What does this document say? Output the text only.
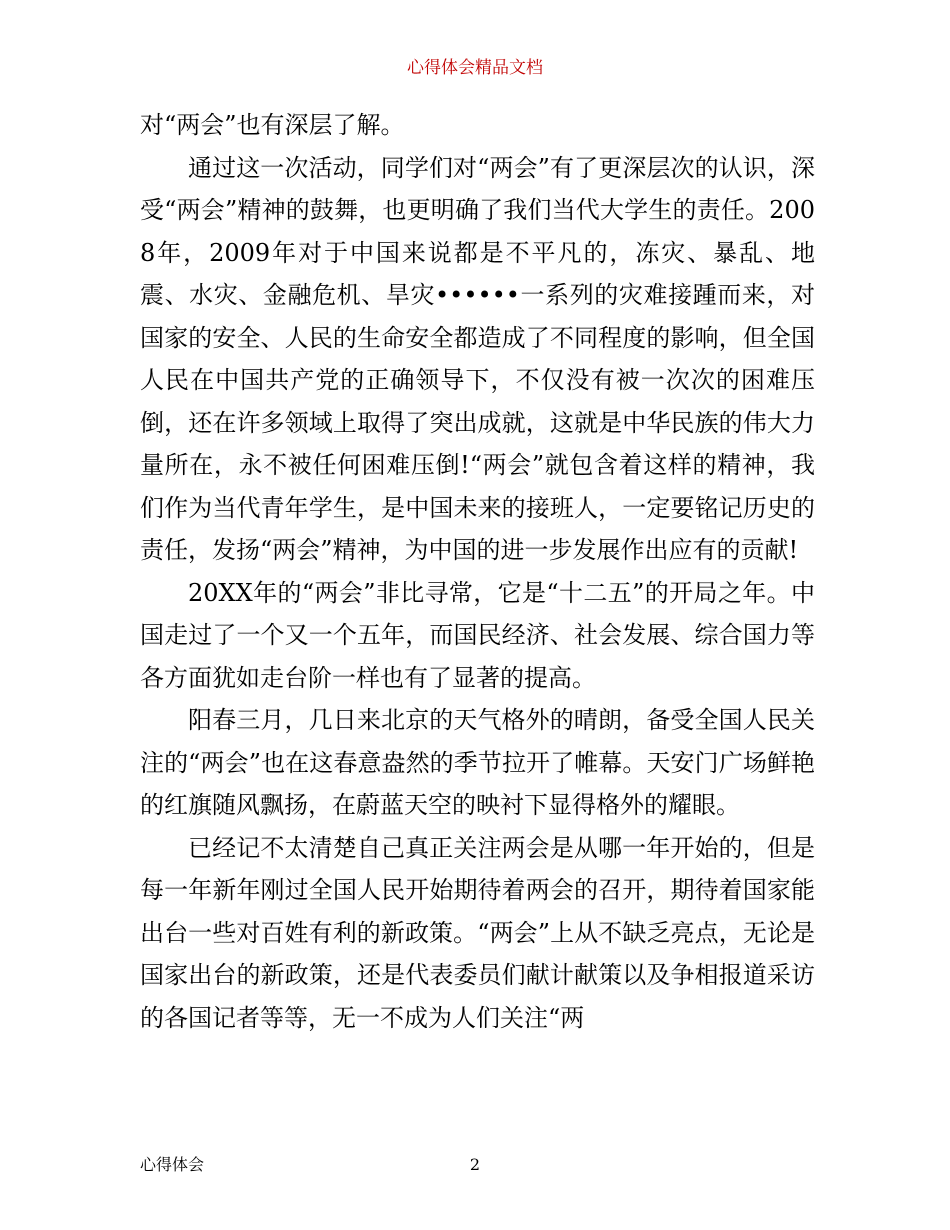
心得体会精品文档

对“两会”也有深层了解。

通过这一次活动，同学们对“两会”有了更深层次的认识，深受“两会”精神的鼓舞，也更明确了我们当代大学生的责任。2008年，2009年对于中国来说都是不平凡的，冻灾、暴乱、地震、水灾、金融危机、旱灾••••••一系列的灾难接踵而来，对国家的安全、人民的生命安全都造成了不同程度的影响，但全国人民在中国共产党的正确领导下，不仅没有被一次次的困难压倒，还在许多领域上取得了突出成就，这就是中华民族的伟大力量所在，永不被任何困难压倒!“两会”就包含着这样的精神，我们作为当代青年学生，是中国未来的接班人，一定要铭记历史的责任，发扬“两会”精神，为中国的进一步发展作出应有的贡献!

20XX年的“两会”非比寻常，它是“十二五”的开局之年。中国走过了一个又一个五年，而国民经济、社会发展、综合国力等各方面犹如走台阶一样也有了显著的提高。

阳春三月，几日来北京的天气格外的晴朗，备受全国人民关注的“两会”也在这春意盎然的季节拉开了帷幕。天安门广场鲜艳的红旗随风飘扬，在蔚蓝天空的映衬下显得格外的耀眼。

已经记不太清楚自己真正关注两会是从哪一年开始的，但是每一年新年刚过全国人民开始期待着两会的召开，期待着国家能出台一些对百姓有利的新政策。“两会”上从不缺乏亮点，无论是国家出台的新政策，还是代表委员们献计献策以及争相报道采访的各国记者等等，无一不成为人们关注“两

心得体会	2
